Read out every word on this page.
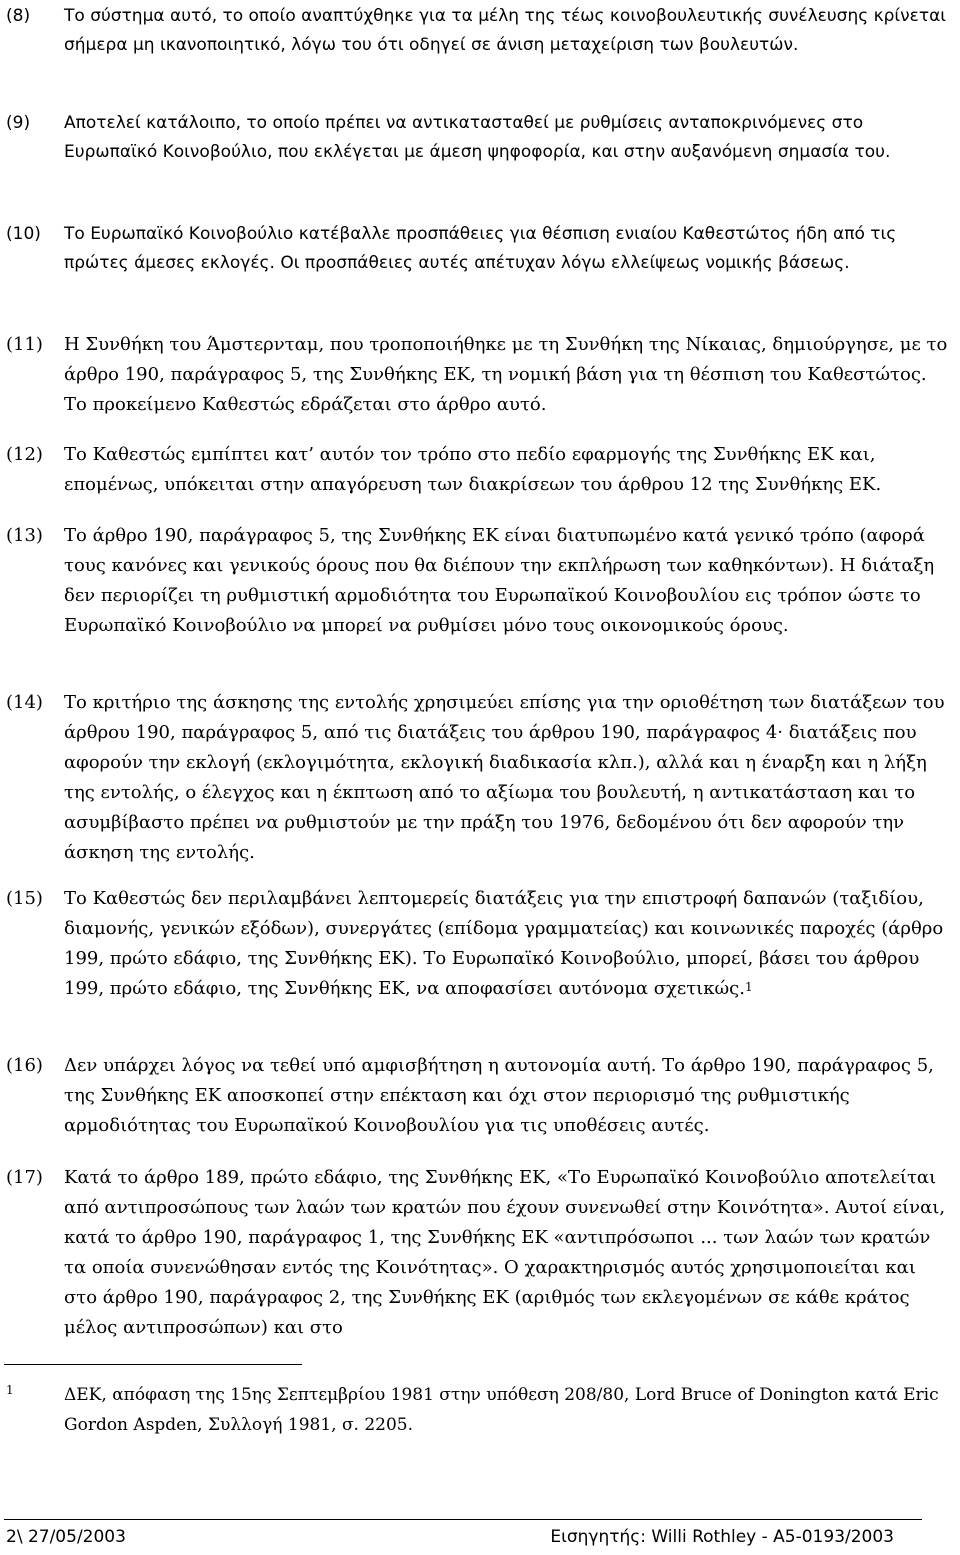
(8)	Το σύστημα αυτό, το οποίο αναπτύχθηκε για τα μέλη της τέως κοινοβουλευτικής συνέλευσης κρίνεται σήμερα μη ικανοποιητικό, λόγω του ότι οδηγεί σε άνιση μεταχείριση των βουλευτών.
(9)	Αποτελεί κατάλοιπο, το οποίο πρέπει να αντικατασταθεί με ρυθμίσεις ανταποκρινόμενες στο Ευρωπαϊκό Κοινοβούλιο, που εκλέγεται με άμεση ψηφοφορία, και στην αυξανόμενη σημασία του.
(10)	Το Ευρωπαϊκό Κοινοβούλιο κατέβαλλε προσπάθειες για θέσπιση ενιαίου Καθεστώτος ήδη από τις πρώτες άμεσες εκλογές. Οι προσπάθειες αυτές απέτυχαν λόγω ελλείψεως νομικής βάσεως.
(11)	Η Συνθήκη του Άμστερνταμ, που τροποποιήθηκε με τη Συνθήκη της Νίκαιας, δημιούργησε, με το άρθρο 190, παράγραφος 5, της Συνθήκης ΕΚ, τη νομική βάση για τη θέσπιση του Καθεστώτος. Το προκείμενο Καθεστώς εδράζεται στο άρθρο αυτό.
(12)	Το Καθεστώς εμπίπτει κατ’ αυτόν τον τρόπο στο πεδίο εφαρμογής της Συνθήκης ΕΚ και, επομένως, υπόκειται στην απαγόρευση των διακρίσεων του άρθρου 12 της Συνθήκης ΕΚ.
(13)	Το άρθρο 190, παράγραφος 5, της Συνθήκης ΕΚ είναι διατυπωμένο κατά γενικό τρόπο (αφορά τους κανόνες και γενικούς όρους που θα διέπουν την εκπλήρωση των καθηκόντων). Η διάταξη δεν περιορίζει τη ρυθμιστική αρμοδιότητα του Ευρωπαϊκού Κοινοβουλίου εις τρόπον ώστε το Ευρωπαϊκό Κοινοβούλιο να μπορεί να ρυθμίσει μόνο τους οικονομικούς όρους.
(14)	Το κριτήριο της άσκησης της εντολής χρησιμεύει επίσης για την οριοθέτηση των διατάξεων του άρθρου 190, παράγραφος 5, από τις διατάξεις του άρθρου 190, παράγραφος 4· διατάξεις που αφορούν την εκλογή (εκλογιμότητα, εκλογική διαδικασία κλπ.), αλλά και η έναρξη και η λήξη της εντολής, ο έλεγχος και η έκπτωση από το αξίωμα του βουλευτή, η αντικατάσταση και το ασυμβίβαστο πρέπει να ρυθμιστούν με την πράξη του 1976, δεδομένου ότι δεν αφορούν την άσκηση της εντολής.
(15)	Το Καθεστώς δεν περιλαμβάνει λεπτομερείς διατάξεις για την επιστροφή δαπανών (ταξιδίου, διαμονής, γενικών εξόδων), συνεργάτες (επίδομα γραμματείας) και κοινωνικές παροχές (άρθρο 199, πρώτο εδάφιο, της Συνθήκης ΕΚ). Το Ευρωπαϊκό Κοινοβούλιο, μπορεί, βάσει του άρθρου 199, πρώτο εδάφιο, της Συνθήκης ΕΚ, να αποφασίσει αυτόνομα σχετικώς.$^1$
(16)	Δεν υπάρχει λόγος να τεθεί υπό αμφισβήτηση η αυτονομία αυτή. Το άρθρο 190, παράγραφος 5, της Συνθήκης ΕΚ αποσκοπεί στην επέκταση και όχι στον περιορισμό της ρυθμιστικής αρμοδιότητας του Ευρωπαϊκού Κοινοβουλίου για τις υποθέσεις αυτές.
(17)	Κατά το άρθρο 189, πρώτο εδάφιο, της Συνθήκης ΕΚ, «Το Ευρωπαϊκό Κοινοβούλιο αποτελείται από αντιπροσώπους των λαών των κρατών που έχουν συνενωθεί στην Κοινότητα». Αυτοί είναι, κατά το άρθρο 190, παράγραφος 1, της Συνθήκης ΕΚ «αντιπρόσωποι ... των λαών των κρατών τα οποία συνενώθησαν εντός της Κοινότητας». Ο χαρακτηρισμός αυτός χρησιμοποιείται και στο άρθρο 190, παράγραφος 2, της Συνθήκης ΕΚ (αριθμός των εκλεγομένων σε κάθε κράτος μέλος αντιπροσώπων) και στο
1	ΔΕΚ, απόφαση της 15ης Σεπτεμβρίου 1981 στην υπόθεση 208/80, Lord Bruce of Donington κατά Eric Gordon Aspden, Συλλογή 1981, σ. 2205.
2\ 27/05/2003	Εισηγητής: Willi Rothley - A5-0193/2003
